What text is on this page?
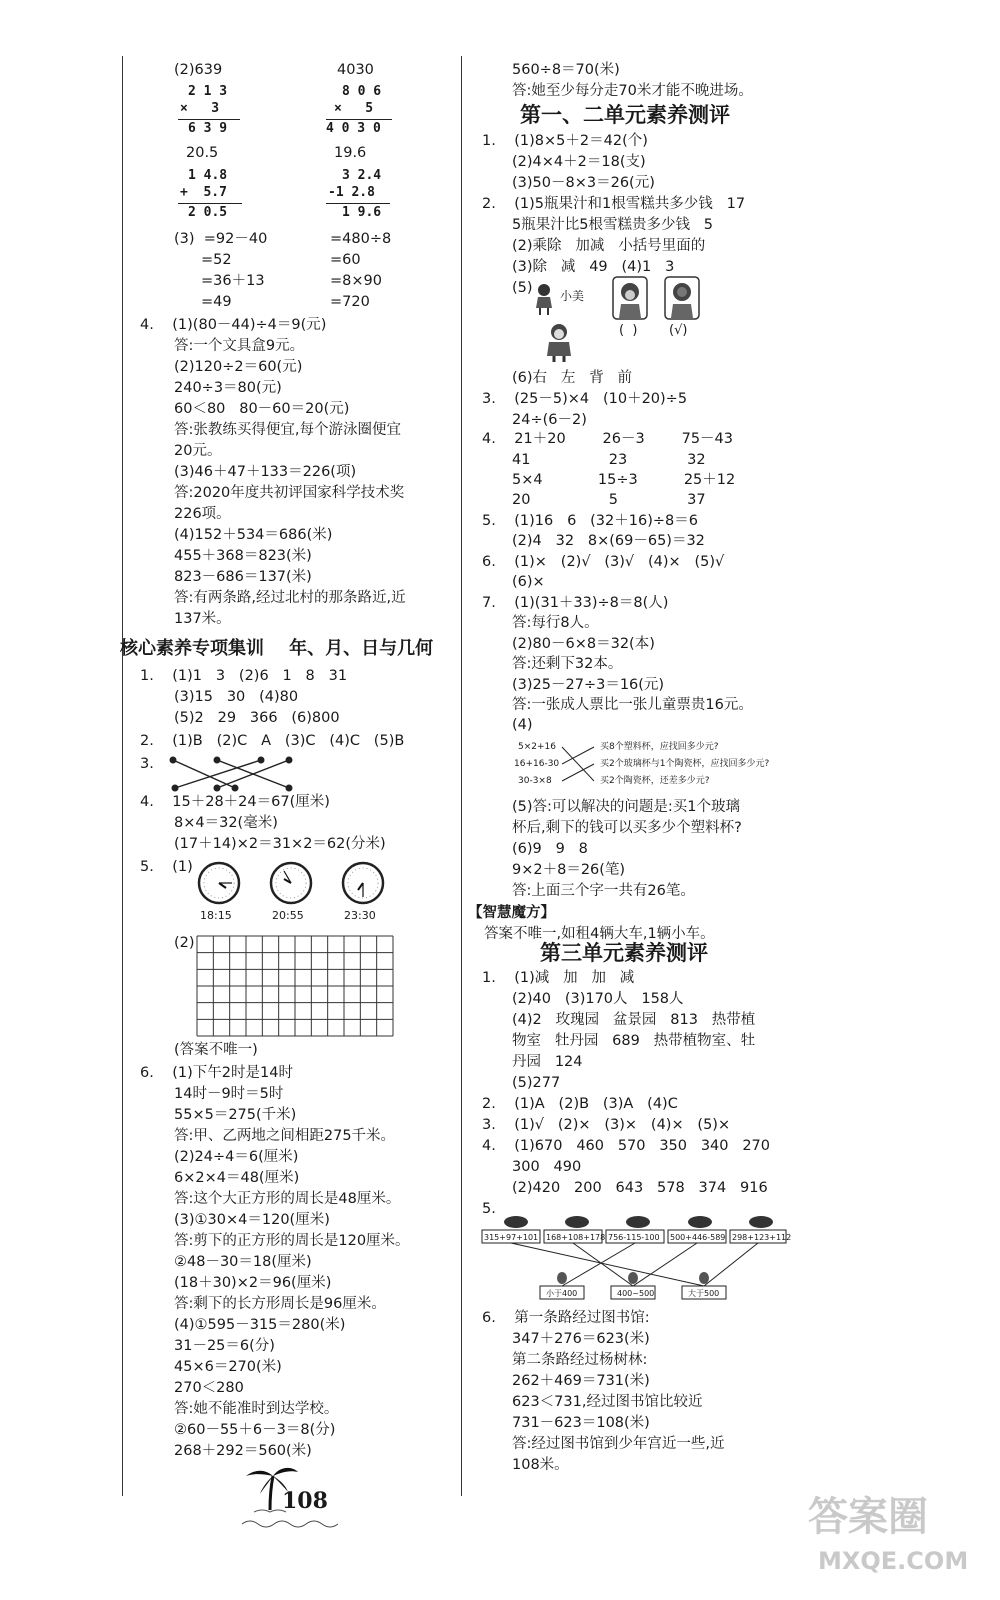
(2)639	4030
2 1 3
×   3
6 3 9
8 0 6
×   5
4 0 3 0
20.5	19.6
1 4.8
+  5.7
2 0.5
3 2.4
-1 2.8
1 9.6
(3)  =92－40
=52
=36＋13
=49
=480÷8
=60
=8×90
=720
4.    (1)(80－44)÷4＝9(元)
答:一个文具盒9元。
(2)120÷2＝60(元)
240÷3＝80(元)
60＜80   80－60＝20(元)
答:张教练买得便宜,每个游泳圈便宜
20元。
(3)46＋47＋133＝226(项)
答:2020年度共初评国家科学技术奖
226项。
(4)152＋534＝686(米)
455＋368＝823(米)
823－686＝137(米)
答:有两条路,经过北村的那条路近,近
137米。
核心素养专项集训    年、月、日与几何
1.    (1)1   3   (2)6   1   8   31
(3)15   30   (4)80
(5)2   29   366   (6)800
2.    (1)B   (2)C   A   (3)C   (4)C   (5)B
3.
4.    15＋28＋24＝67(厘米)
8×4＝32(毫米)
(17＋14)×2＝31×2＝62(分米)
5.    (1)
18:15	20:55	23:30
(2)
(答案不唯一)
6.    (1)下午2时是14时
14时－9时＝5时
55×5＝275(千米)
答:甲、乙两地之间相距275千米。
(2)24÷4＝6(厘米)
6×2×4＝48(厘米)
答:这个大正方形的周长是48厘米。
(3)①30×4＝120(厘米)
答:剪下的正方形的周长是120厘米。
②48－30＝18(厘米)
(18＋30)×2＝96(厘米)
答:剩下的长方形周长是96厘米。
(4)①595－315＝280(米)
31－25＝6(分)
45×6＝270(米)
270＜280
答:她不能准时到达学校。
②60－55＋6－3＝8(分)
268＋292＝560(米)
108
560÷8＝70(米)
答:她至少每分走70米才能不晚进场。
第一、二单元素养测评
1.    (1)8×5＋2＝42(个)
(2)4×4＋2＝18(支)
(3)50－8×3＝26(元)
2.    (1)5瓶果汁和1根雪糕共多少钱   17
5瓶果汁比5根雪糕贵多少钱   5
(2)乘除   加减   小括号里面的
(3)除   减   49   (4)1   3
(5) 小美
(  ) (√)
(6)右   左   背   前
3.    (25－5)×4   (10＋20)÷5
24÷(6－2)
4.    21＋20        26－3        75－43
41                 23             32
5×4            15÷3          25＋12
20                 5               37
5.    (1)16   6   (32＋16)÷8＝6
(2)4   32   8×(69－65)＝32
6.    (1)×   (2)√   (3)√   (4)×   (5)√
(6)×
7.    (1)(31＋33)÷8＝8(人)
答:每行8人。
(2)80－6×8＝32(本)
答:还剩下32本。
(3)25－27÷3＝16(元)
答:一张成人票比一张儿童票贵16元。
(4)
5×2+16
16+16-30
30-3×8
买8个塑料杯，应找回多少元?
买2个玻璃杯与1个陶瓷杯，应找回多少元?
买2个陶瓷杯，还差多少元?
(5)答:可以解决的问题是:买1个玻璃
杯后,剩下的钱可以买多少个塑料杯?
(6)9   9   8
9×2＋8＝26(笔)
答:上面三个字一共有26笔。
【智慧魔方】
答案不唯一,如租4辆大车,1辆小车。
第三单元素养测评
1.    (1)减   加   加   减
(2)40   (3)170人   158人
(4)2   玫瑰园   盆景园   813   热带植
物室   牡丹园   689   热带植物室、牡
丹园   124
(5)277
2.    (1)A   (2)B   (3)A   (4)C
3.    (1)√   (2)×   (3)×   (4)×   (5)×
4.    (1)670   460   570   350   340   270
300   490
(2)420   200   643   578   374   916
5.
315+97+101 168+108+178 756-115-100 500+446-589 298+123+112
小于400	400~500	大于500
6.    第一条路经过图书馆:
347＋276＝623(米)
第二条路经过杨树林:
262＋469＝731(米)
623＜731,经过图书馆比较近
731－623＝108(米)
答:经过图书馆到少年宫近一些,近
108米。
答案圈
MXQE.COM
